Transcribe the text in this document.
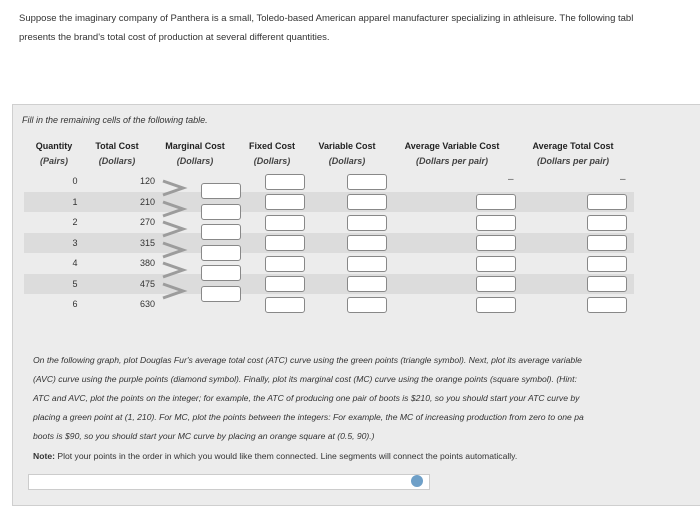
Suppose the imaginary company of Panthera is a small, Toledo-based American apparel manufacturer specializing in athleisure. The following tabl
presents the brand's total cost of production at several different quantities.
Fill in the remaining cells of the following table.
Quantity
(Pairs)
Total Cost
(Dollars)
Marginal Cost
(Dollars)
Fixed Cost
(Dollars)
Variable Cost
(Dollars)
Average Variable Cost
(Dollars per pair)
Average Total Cost
(Dollars per pair)
0
1
2
3
4
5
6
120
210
270
315
380
475
630
–	–
On the following graph, plot Douglas Fur's average total cost (ATC) curve using the green points (triangle symbol). Next, plot its average variable
(AVC) curve using the purple points (diamond symbol). Finally, plot its marginal cost (MC) curve using the orange points (square symbol). (Hint:
ATC and AVC, plot the points on the integer; for example, the ATC of producing one pair of boots is $210, so you should start your ATC curve by
placing a green point at (1, 210). For MC, plot the points between the integers: For example, the MC of increasing production from zero to one pa
boots is $90, so you should start your MC curve by placing an orange square at (0.5, 90).)
Note: Plot your points in the order in which you would like them connected. Line segments will connect the points automatically.
